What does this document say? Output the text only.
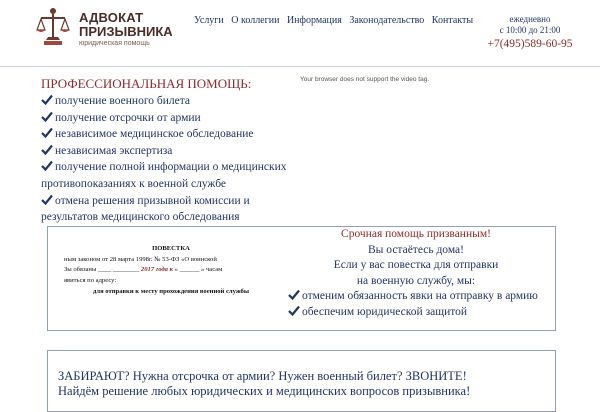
АДВОКАТ
ПРИЗЫВНИКА
юридическая помощь
Услуги О коллегии Информация Законодательство Контакты	ежедневно
с 10:00 до 21:00
+7(495)589-60-95
ПРОФЕССИОНАЛЬНАЯ ПОМОЩЬ:
получение военного билета
получение отсрочки от армии
независимое медицинское обследование
независимая экспертиза
получение полной информации о медицинских противопоказаниях к военной службе
отмена решения призывной комиссии и результатов медицинского обследования
Your browser does not support the video tag.
ПОВЕСТКА
ным законом от 28 марта 1998г. № 53-ФЗ «О воинской
Зы обязаны ____ ________ 2017 года к « ______ » часам
явиться по адресу:
для отправки к месту прохождения военной службы
Срочная помощь призванным!
Вы остаётесь дома!
Если у вас повестка для отправки
на военную службу, мы:
отменим обязанность явки на отправку в армию
обеспечим юридической защитой
ЗАБИРАЮТ? Нужна отсрочка от армии? Нужен военный билет? ЗВОНИТЕ!
Найдём решение любых юридических и медицинских вопросов призывника!
